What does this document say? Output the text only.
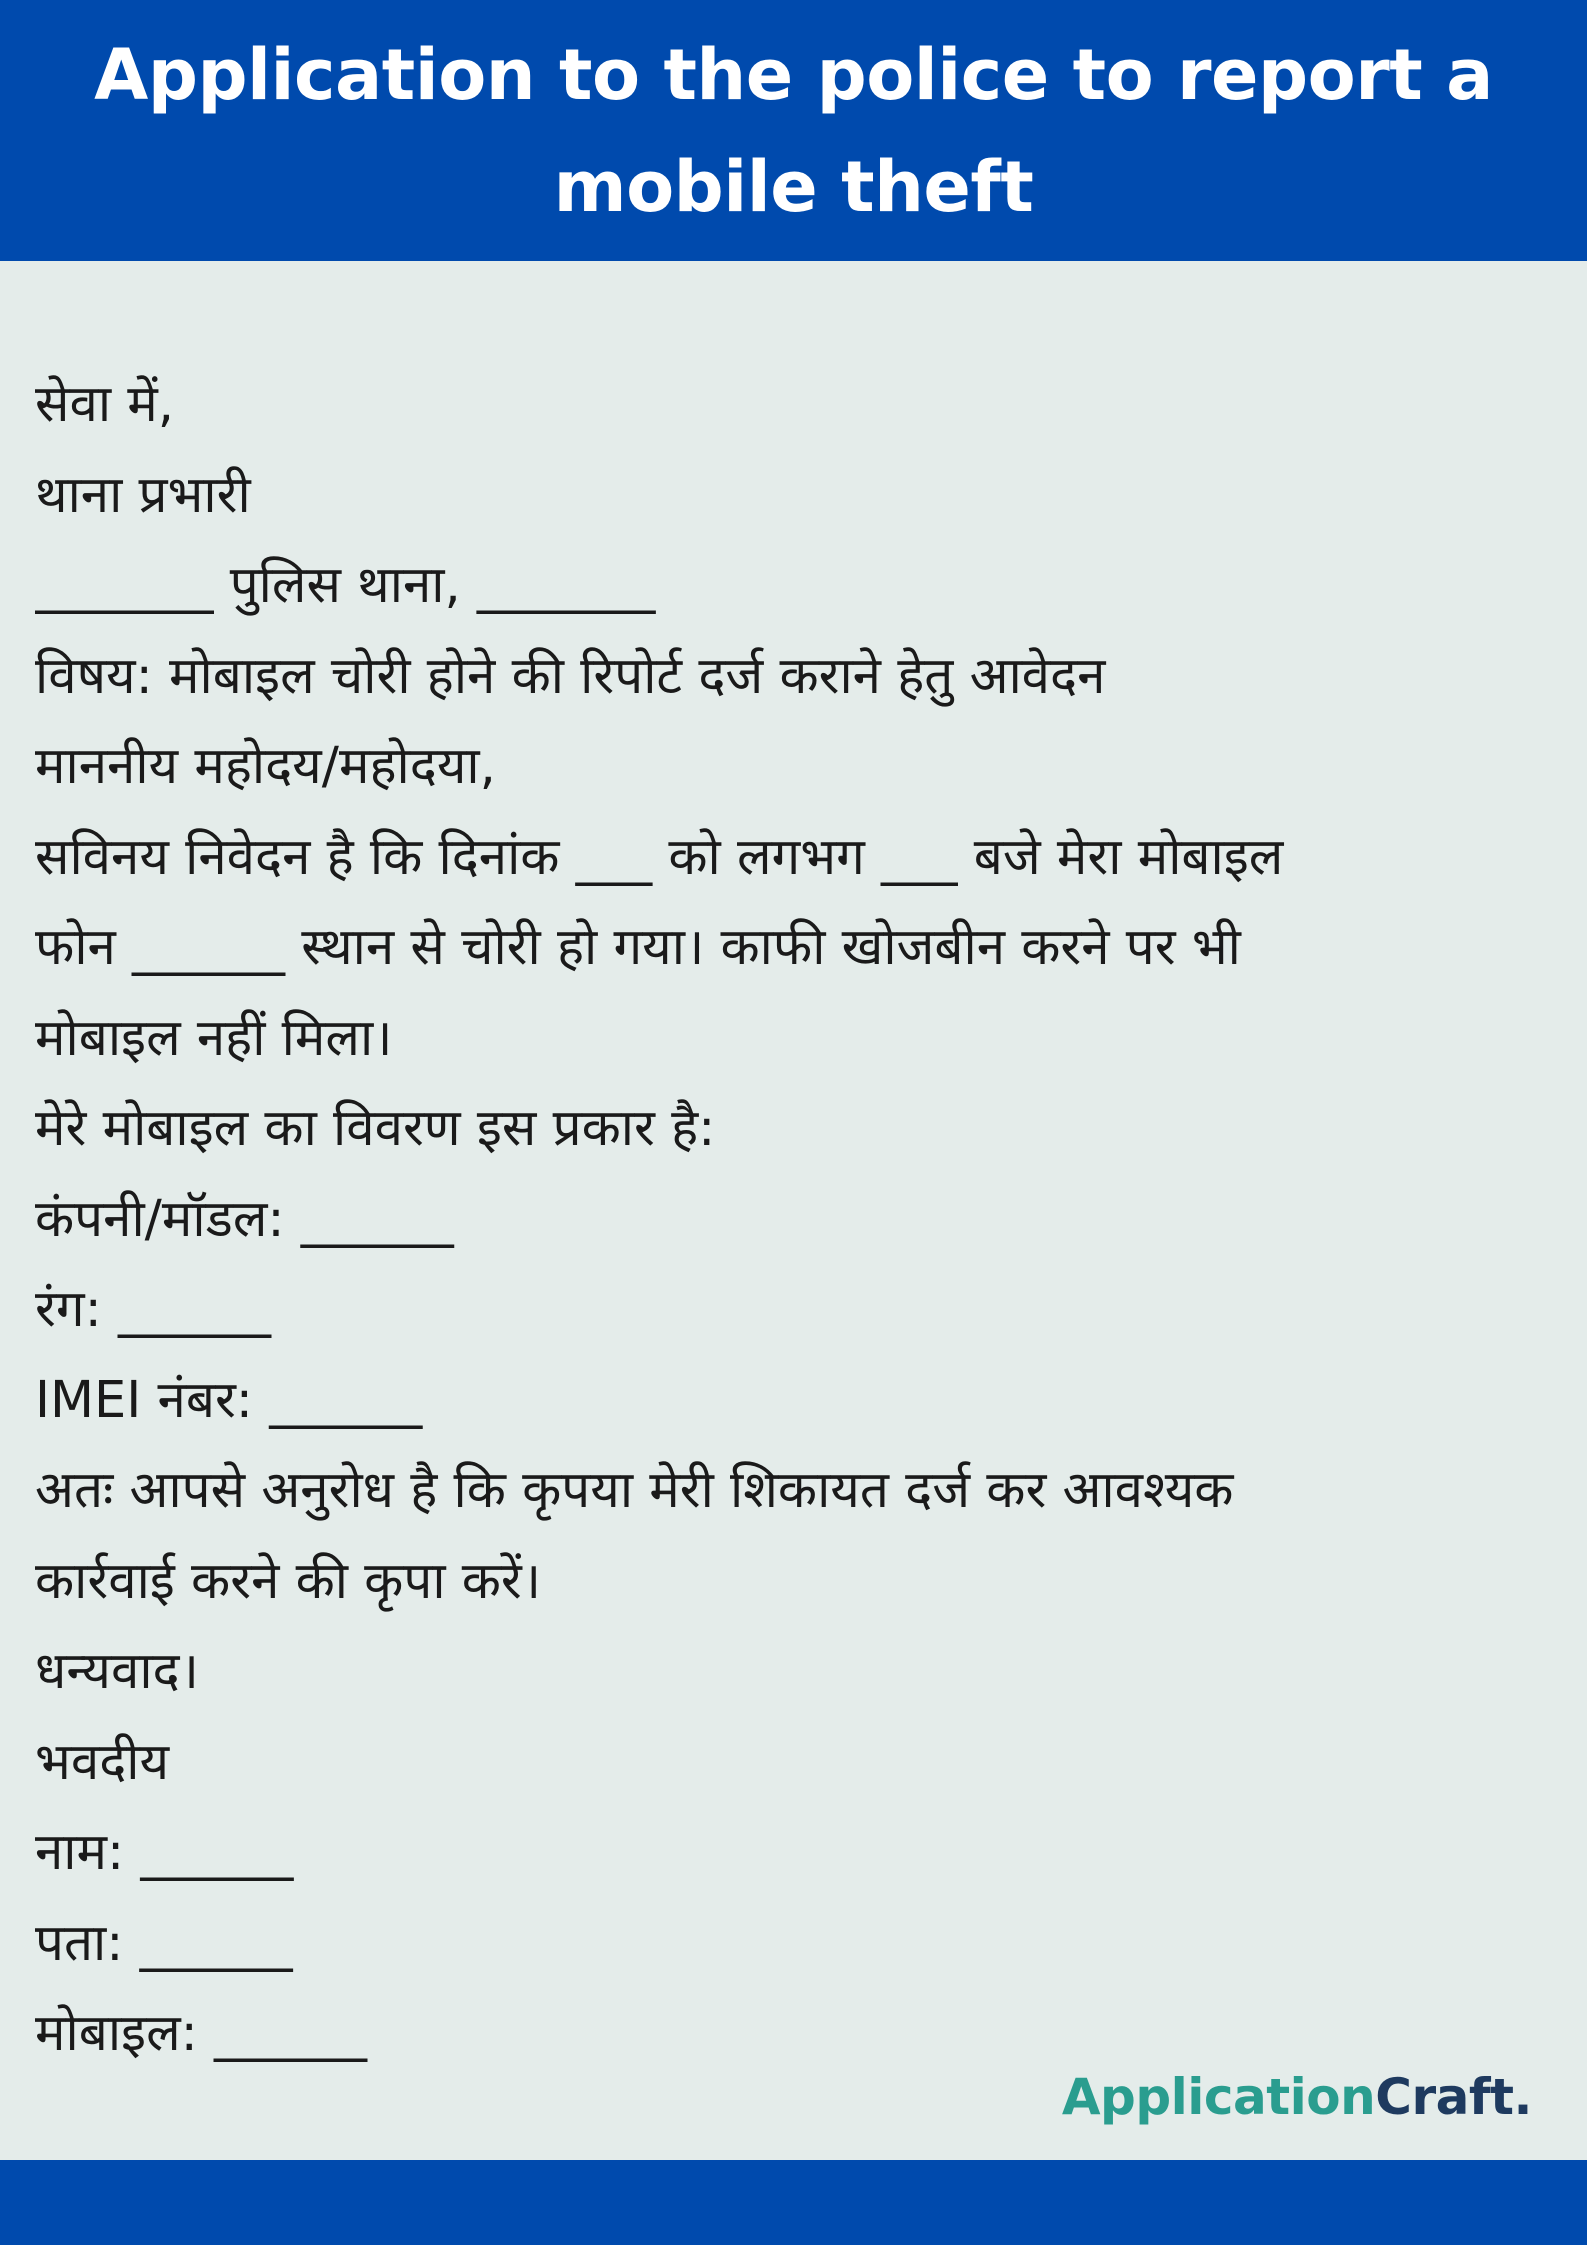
Application to the police to report a mobile theft
सेवा में,
थाना प्रभारी
_______ पुलिस थाना, _______
विषय: मोबाइल चोरी होने की रिपोर्ट दर्ज कराने हेतु आवेदन
माननीय महोदय/महोदया,
सविनय निवेदन है कि दिनांक ___ को लगभग ___ बजे मेरा मोबाइल
फोन ______ स्थान से चोरी हो गया। काफी खोजबीन करने पर भी
मोबाइल नहीं मिला।
मेरे मोबाइल का विवरण इस प्रकार है:
कंपनी/मॉडल: ______
रंग: ______
IMEI नंबर: ______
अतः आपसे अनुरोध है कि कृपया मेरी शिकायत दर्ज कर आवश्यक
कार्रवाई करने की कृपा करें।
धन्यवाद।
भवदीय
नाम: ______
पता: ______
मोबाइल: ______
ApplicationCraft.
